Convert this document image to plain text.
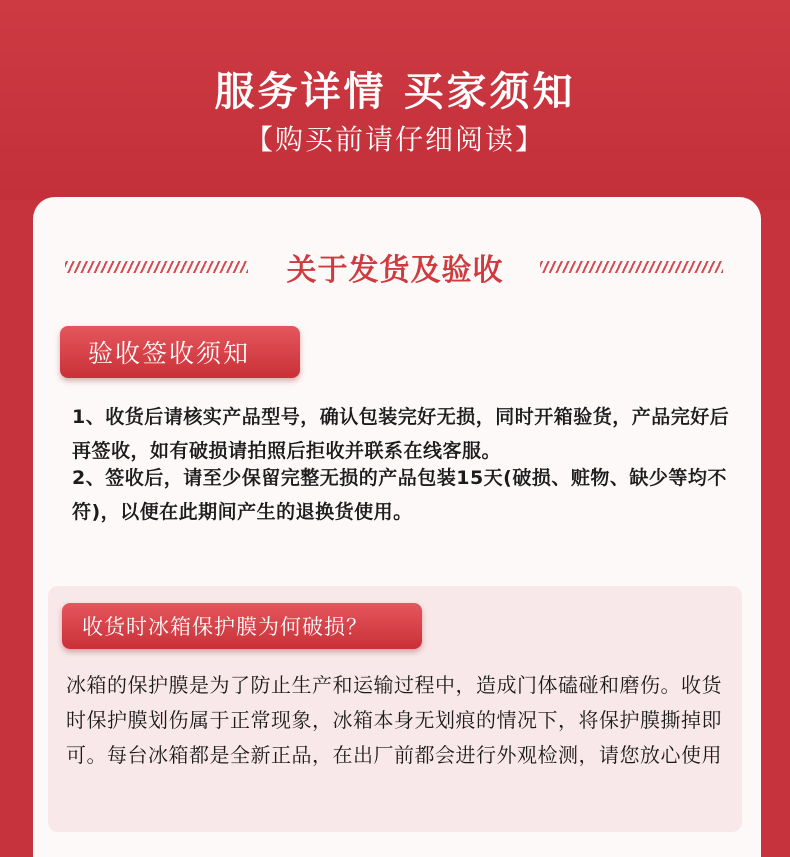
服务详情 买家须知
【购买前请仔细阅读】
关于发货及验收
验收签收须知
1、收货后请核实产品型号，确认包装完好无损，同时开箱验货，产品完好后再签收，如有破损请拍照后拒收并联系在线客服。
2、签收后，请至少保留完整无损的产品包装15天(破损、赃物、缺少等均不符)，以便在此期间产生的退换货使用。
收货时冰箱保护膜为何破损？
冰箱的保护膜是为了防止生产和运输过程中，造成门体磕碰和磨伤。收货时保护膜划伤属于正常现象，冰箱本身无划痕的情况下，将保护膜撕掉即可。每台冰箱都是全新正品，在出厂前都会进行外观检测，请您放心使用
